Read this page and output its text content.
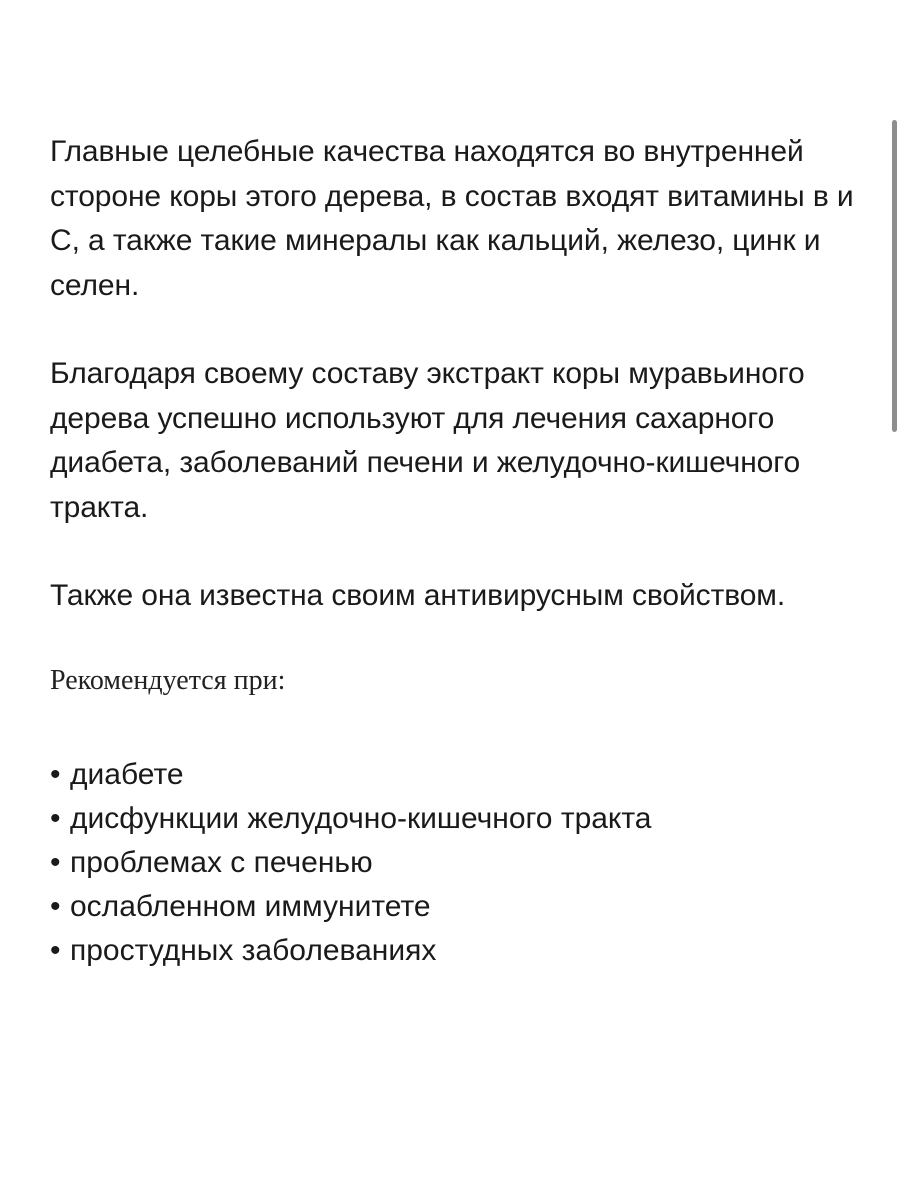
Главные целебные качества находятся во внутренней стороне коры этого дерева, в состав входят витамины в и С, а также такие минералы как кальций, железо, цинк и селен.

Благодаря своему составу экстракт коры муравьиного дерева успешно используют для лечения сахарного диабета, заболеваний печени и желудочно-кишечного тракта.

Также она известна своим антивирусным свойством.

Рекомендуется при:

• диабете
• дисфункции желудочно-кишечного тракта
• проблемах с печенью
• ослабленном иммунитете
• простудных заболеваниях
